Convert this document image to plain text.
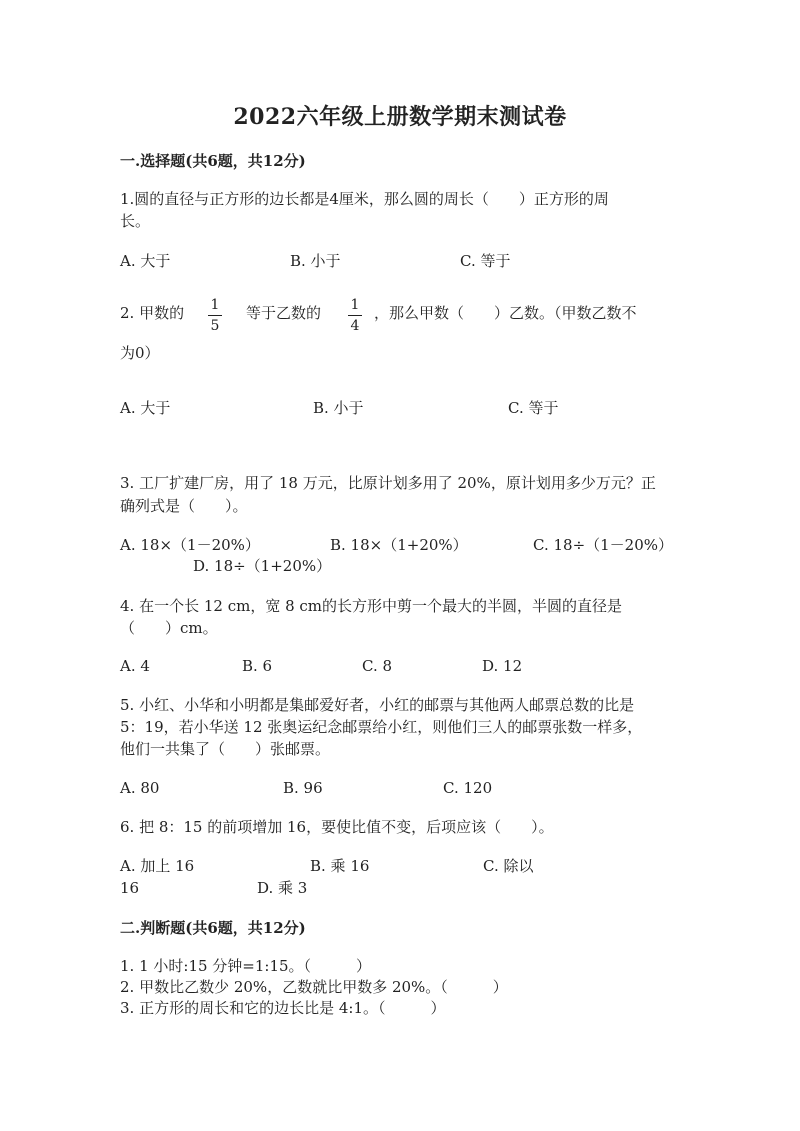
2022六年级上册数学期末测试卷
一.选择题(共6题，共12分)
1.圆的直径与正方形的边长都是4厘米，那么圆的周长（　　）正方形的周
长。
A. 大于	B. 小于	C. 等于
2. 甲数的	1
5
等于乙数的	1
4
，那么甲数（　　）乙数。（甲数乙数不
为0）
A. 大于	B. 小于	C. 等于
3. 工厂扩建厂房，用了 18 万元，比原计划多用了 20%，原计划用多少万元？正
确列式是（　　）。
A. 18×（1－20%）	B. 18×（1+20%）	C. 18÷（1－20%）
D. 18÷（1+20%）
4. 在一个长 12 cm，宽 8 cm的长方形中剪一个最大的半圆，半圆的直径是
（　　）cm。
A. 4	B. 6	C. 8	D. 12
5. 小红、小华和小明都是集邮爱好者，小红的邮票与其他两人邮票总数的比是
5：19，若小华送 12 张奥运纪念邮票给小红，则他们三人的邮票张数一样多，
他们一共集了（　　）张邮票。
A. 80	B. 96	C. 120
6. 把 8：15 的前项增加 16，要使比值不变，后项应该（　　）。
A. 加上 16	B. 乘 16	C. 除以
16	D. 乘 3
二.判断题(共6题，共12分)
1. 1 小时:15 分钟=1:15。（　　　）
2. 甲数比乙数少 20%，乙数就比甲数多 20%。（　　　）
3. 正方形的周长和它的边长比是 4:1。（　　　）
